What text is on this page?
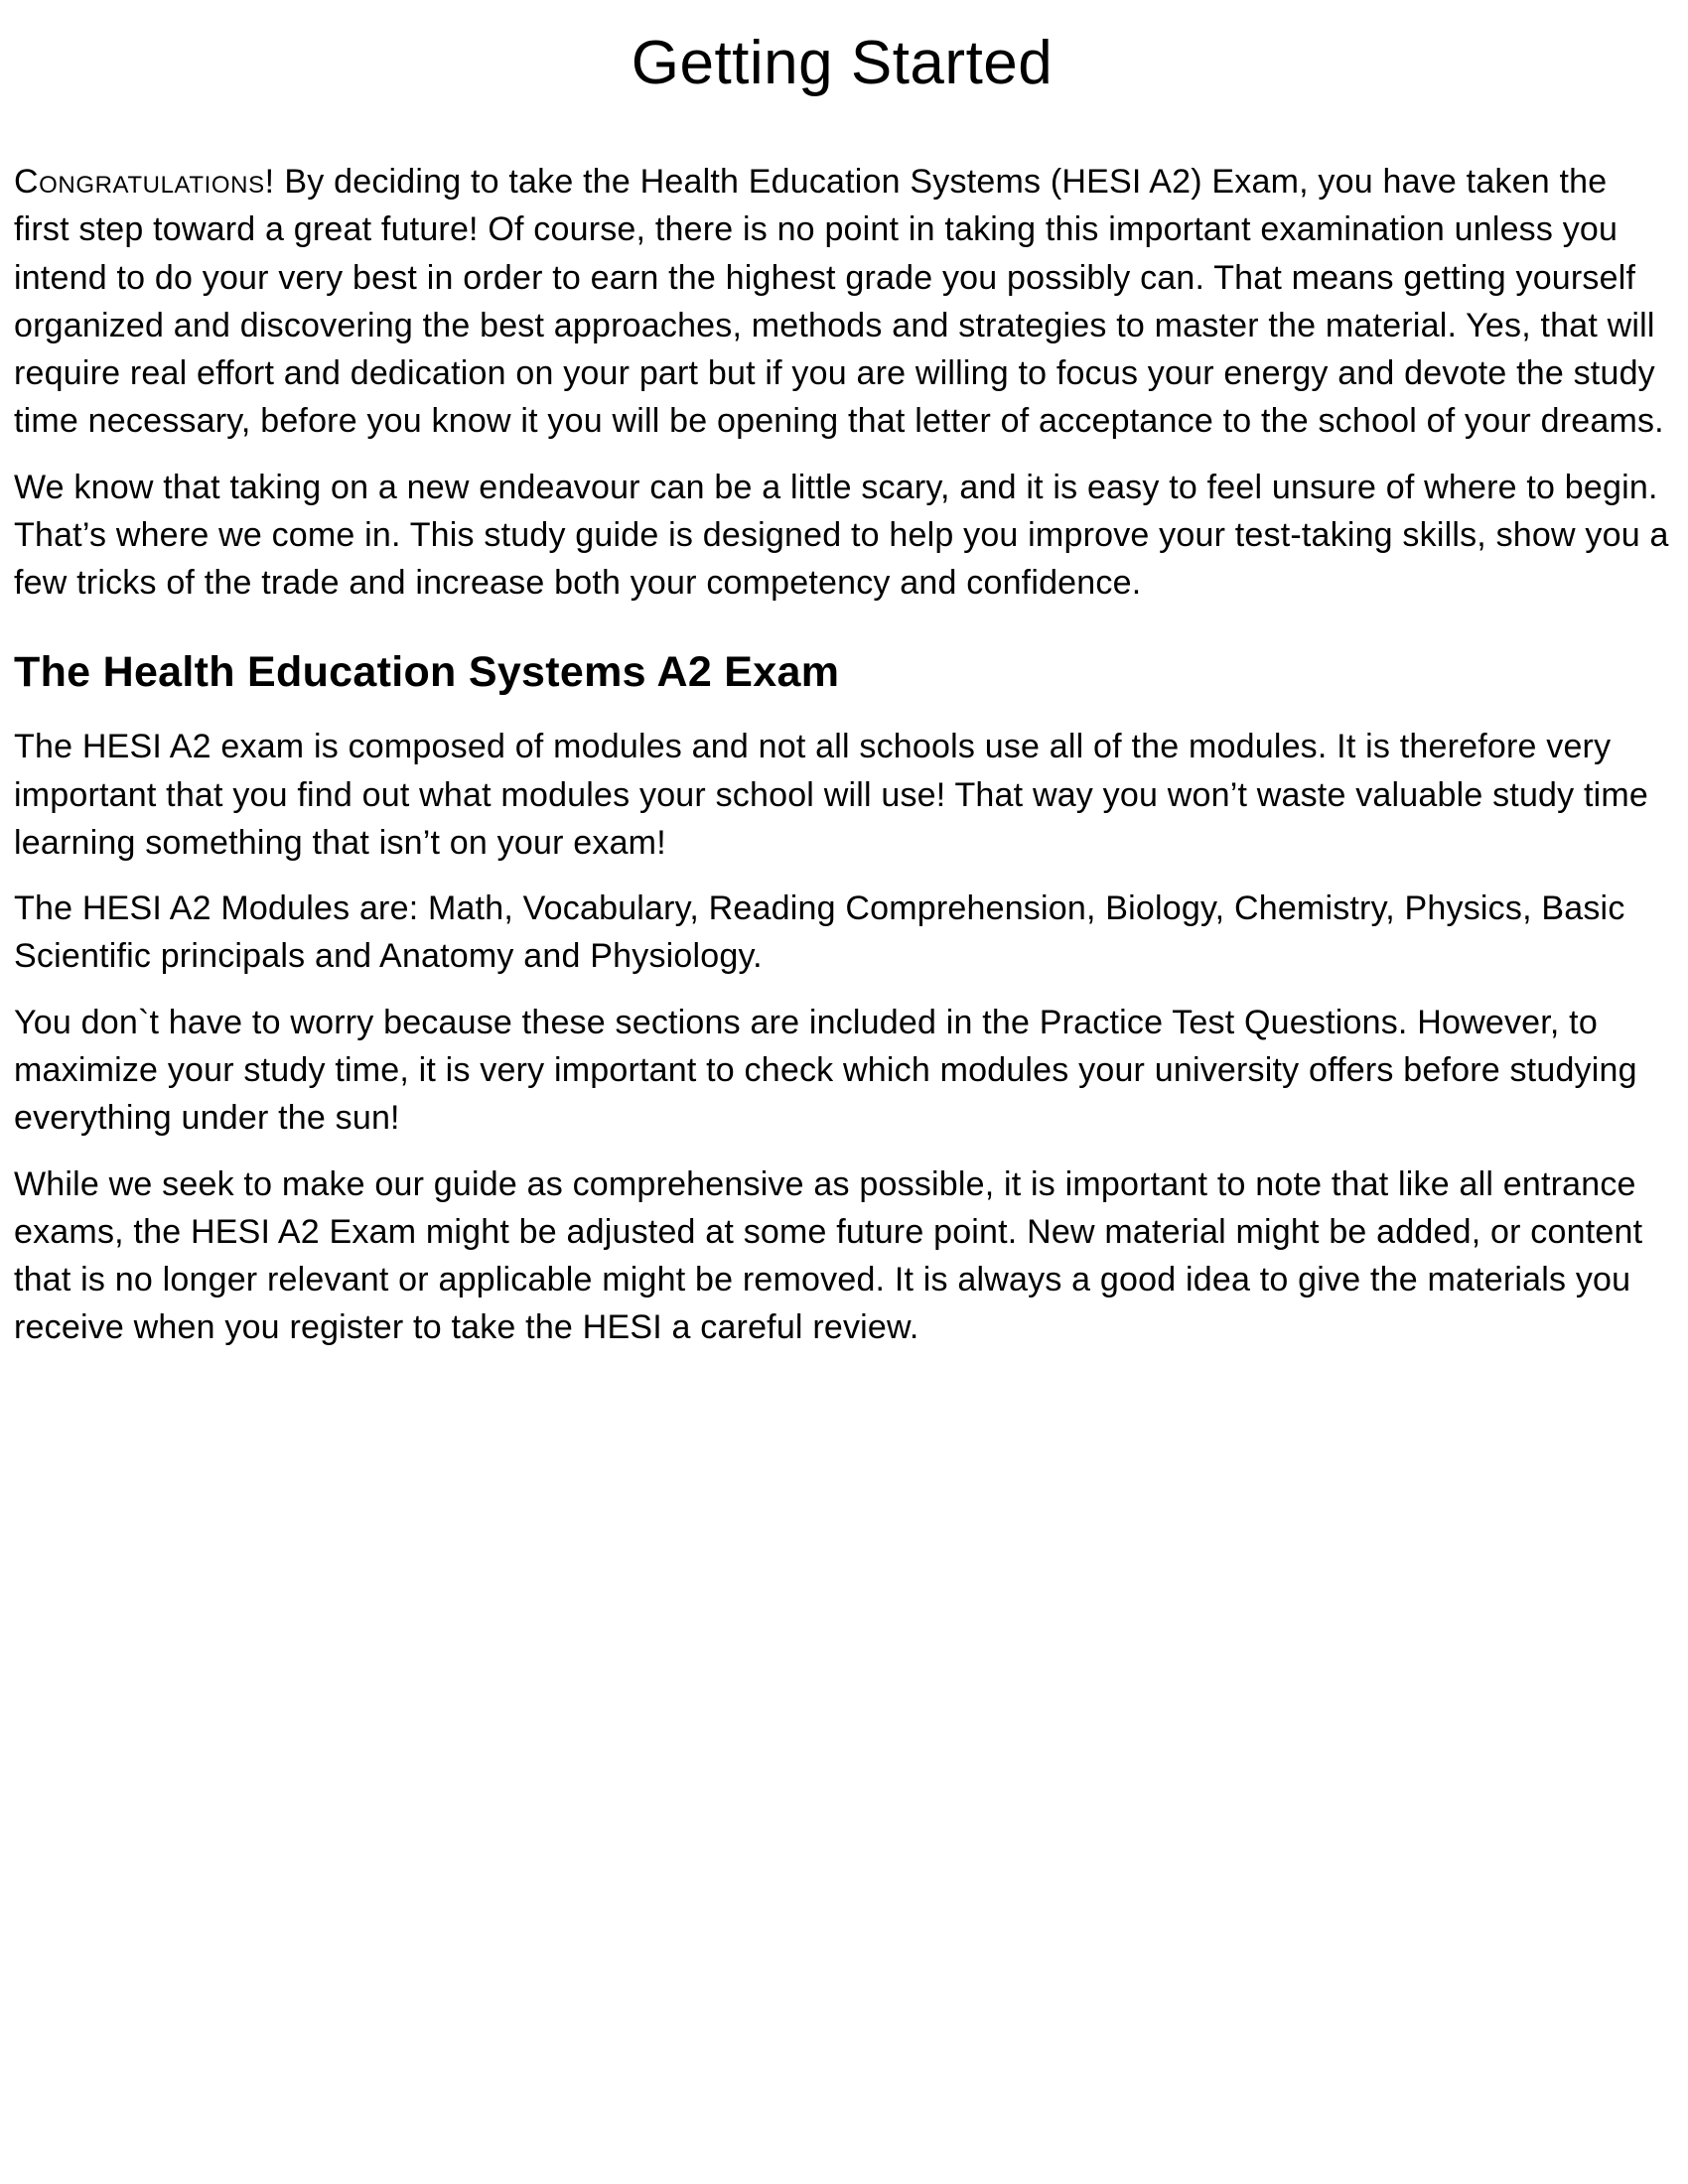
Getting Started

Congratulations! By deciding to take the Health Education Systems (HESI A2) Exam, you have taken the first step toward a great future! Of course, there is no point in taking this important examination unless you intend to do your very best in order to earn the highest grade you possibly can. That means getting yourself organized and discovering the best approaches, methods and strategies to master the material. Yes, that will require real effort and dedication on your part but if you are willing to focus your energy and devote the study time necessary, before you know it you will be opening that letter of acceptance to the school of your dreams.

We know that taking on a new endeavour can be a little scary, and it is easy to feel unsure of where to begin. That’s where we come in. This study guide is designed to help you improve your test-taking skills, show you a few tricks of the trade and increase both your competency and confidence.

The Health Education Systems A2 Exam

The HESI A2 exam is composed of modules and not all schools use all of the modules. It is therefore very important that you find out what modules your school will use! That way you won’t waste valuable study time learning something that isn’t on your exam!

The HESI A2 Modules are: Math, Vocabulary, Reading Comprehension, Biology, Chemistry, Physics, Basic Scientific principals and Anatomy and Physiology.

You don`t have to worry because these sections are included in the Practice Test Questions. However, to maximize your study time, it is very important to check which modules your university offers before studying everything under the sun!

While we seek to make our guide as comprehensive as possible, it is important to note that like all entrance exams, the HESI A2 Exam might be adjusted at some future point. New material might be added, or content that is no longer relevant or applicable might be removed. It is always a good idea to give the materials you receive when you register to take the HESI a careful review.
